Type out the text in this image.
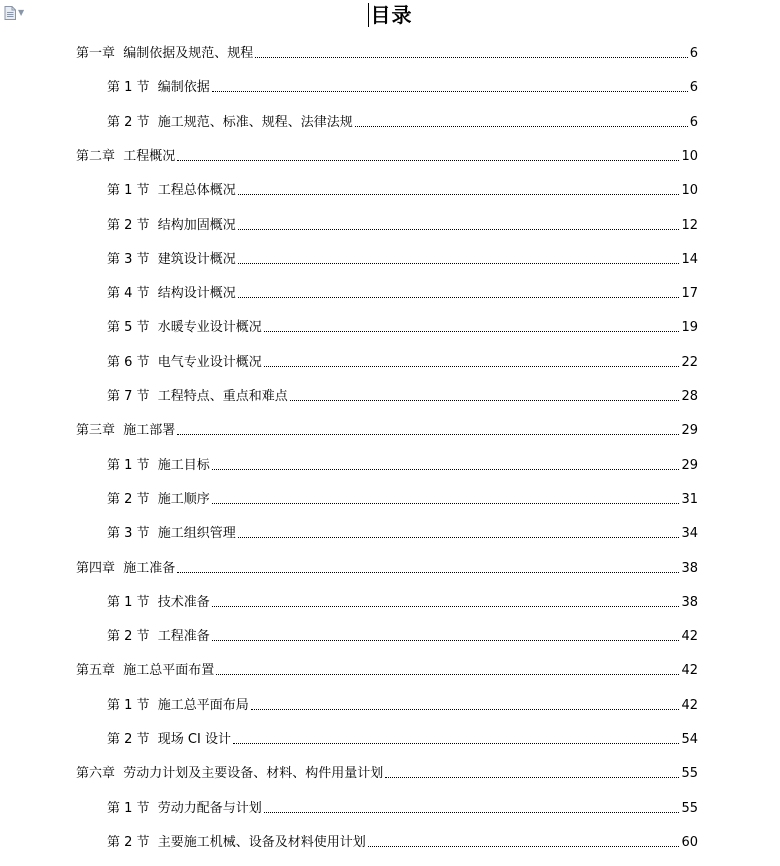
▼	目录
第一章  编制依据及规范、规程	6
第 1 节  编制依据	6
第 2 节  施工规范、标准、规程、法律法规	6
第二章  工程概况	10
第 1 节  工程总体概况	10
第 2 节  结构加固概况	12
第 3 节  建筑设计概况	14
第 4 节  结构设计概况	17
第 5 节  水暖专业设计概况	19
第 6 节  电气专业设计概况	22
第 7 节  工程特点、重点和难点	28
第三章  施工部署	29
第 1 节  施工目标	29
第 2 节  施工顺序	31
第 3 节  施工组织管理	34
第四章  施工准备	38
第 1 节  技术准备	38
第 2 节  工程准备	42
第五章  施工总平面布置	42
第 1 节  施工总平面布局	42
第 2 节  现场 CI 设计	54
第六章  劳动力计划及主要设备、材料、构件用量计划	55
第 1 节  劳动力配备与计划	55
第 2 节  主要施工机械、设备及材料使用计划	60
